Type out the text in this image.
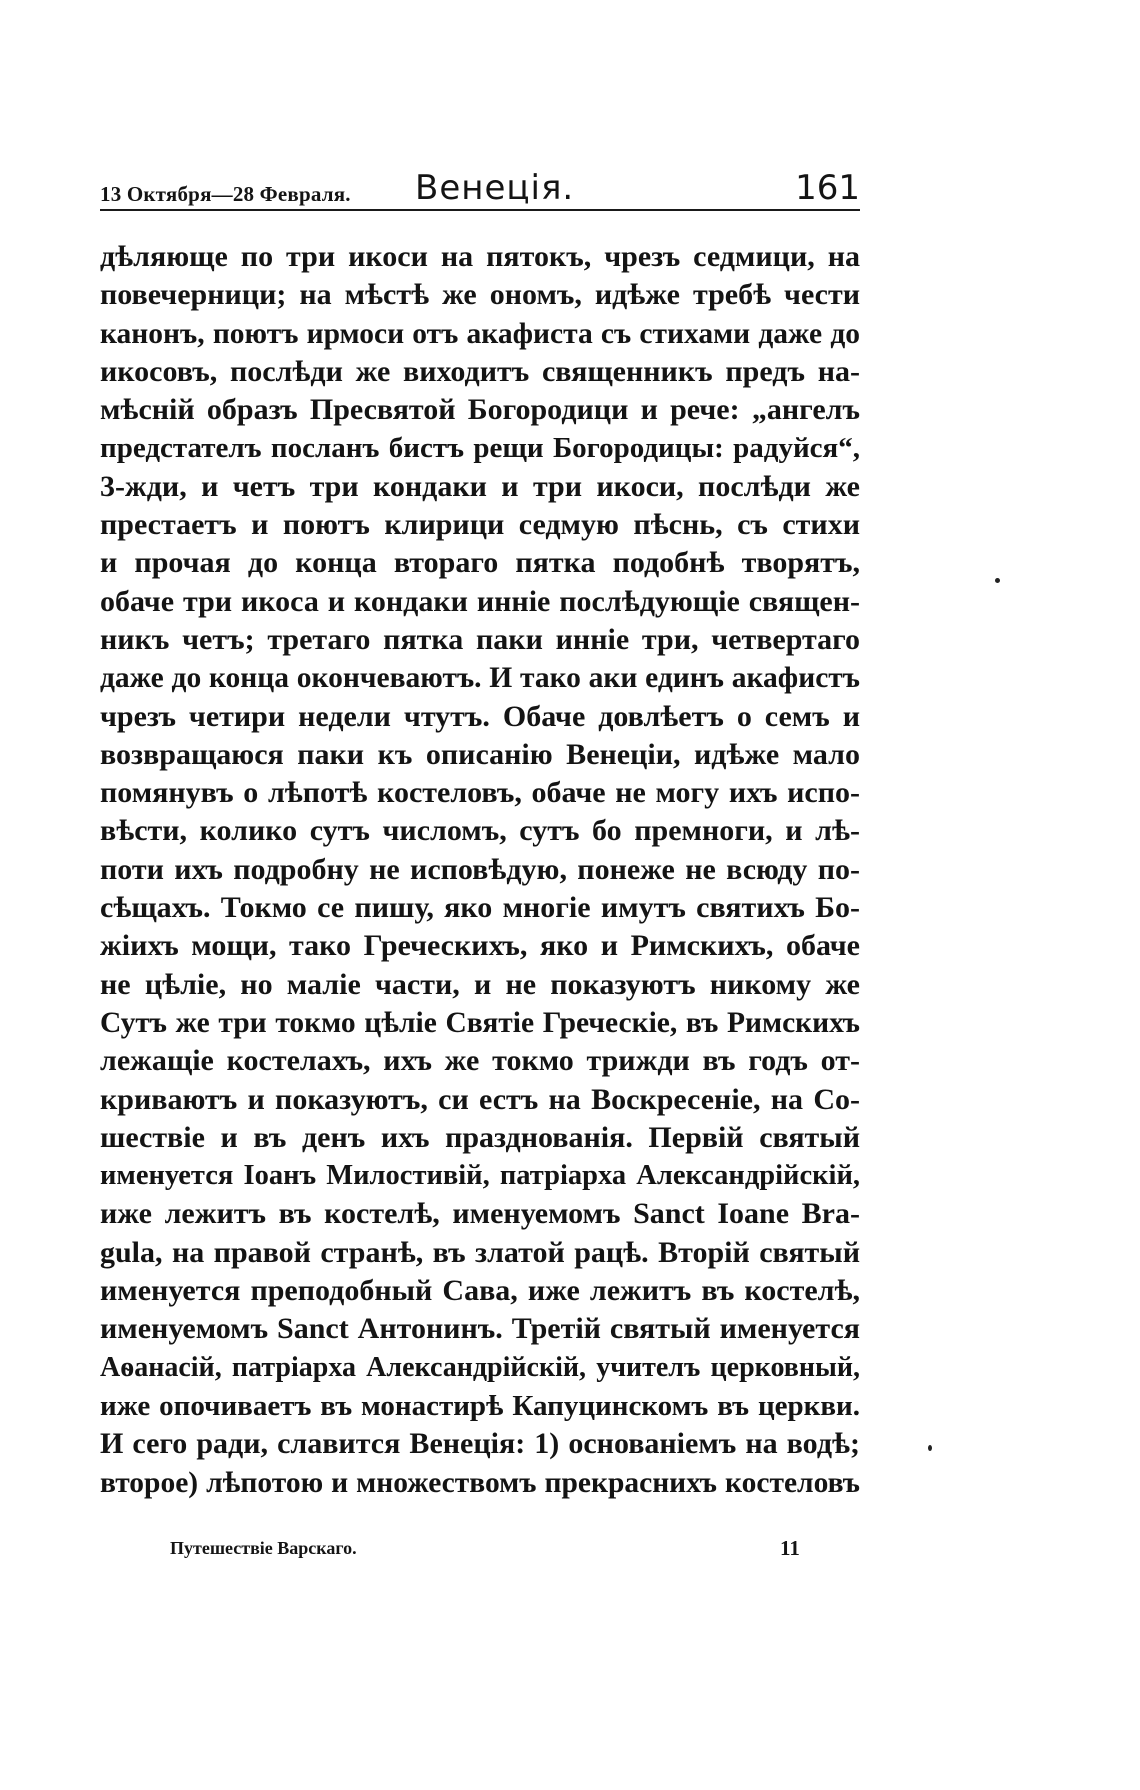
13 Октября—28 Февраля. Венеція.	161
дѣляюще по три икоси на пятокъ, чрезъ седмици, на
повечерници; на мѣстѣ же ономъ, идѣже требѣ чести
канонъ, поютъ ирмоси отъ акафиста съ стихами даже до
икосовъ, послѣди же виходитъ священникъ предъ на-
мѣсній образъ Пресвятой Богородици и рече: „ангелъ
предстателъ посланъ бистъ рещи Богородицы: радуйся“,
3-жди, и четъ три кондаки и три икоси, послѣди же
престаетъ и поютъ клирици седмую пѣснь, съ стихи
и прочая до конца втораго пятка подобнѣ творятъ,
обаче три икоса и кондаки инніе послѣдующіе священ-
никъ четъ; третаго пятка паки инніе три, четвертаго
даже до конца окончеваютъ. И тако аки единъ акафистъ
чрезъ четири недели чтутъ. Обаче довлѣетъ о семъ и
возвращаюся паки къ описанію Венеціи, идѣже мало
помянувъ о лѣпотѣ костеловъ, обаче не могу ихъ испо-
вѣсти, колико сутъ числомъ, сутъ бо премноги, и лѣ-
поти ихъ подробну не исповѣдую, понеже не всюду по-
сѣщахъ. Токмо се пишу, яко многіе имутъ святихъ Бо-
жіихъ мощи, тако Греческихъ, яко и Римскихъ, обаче
не цѣліе, но маліе части, и не показуютъ никому же
Сутъ же три токмо цѣліе Святіе Греческіе, въ Римскихъ
лежащіе костелахъ, ихъ же токмо трижди въ годъ от-
криваютъ и показуютъ, си естъ на Воскресеніе, на Со-
шествіе и въ денъ ихъ празднованія. Первій святый
именуется Іоанъ Милостивій, патріарха Александрійскій,
иже лежитъ въ костелѣ, именуемомъ Sanct Ioane Bra-
gula, на правой странѣ, въ златой рацѣ. Вторій святый
именуется преподобный Сава, иже лежитъ въ костелѣ,
именуемомъ Sanct Антонинъ. Третій святый именуется
Аѳанасій, патріарха Александрійскій, учителъ церковный,
иже опочиваетъ въ монастирѣ Капуцинскомъ въ церкви.
И сего ради, славится Венеція: 1) основаніемъ на водѣ;
второе) лѣпотою и множествомъ прекраснихъ костеловъ
Путешествіе Варскаго.	11
